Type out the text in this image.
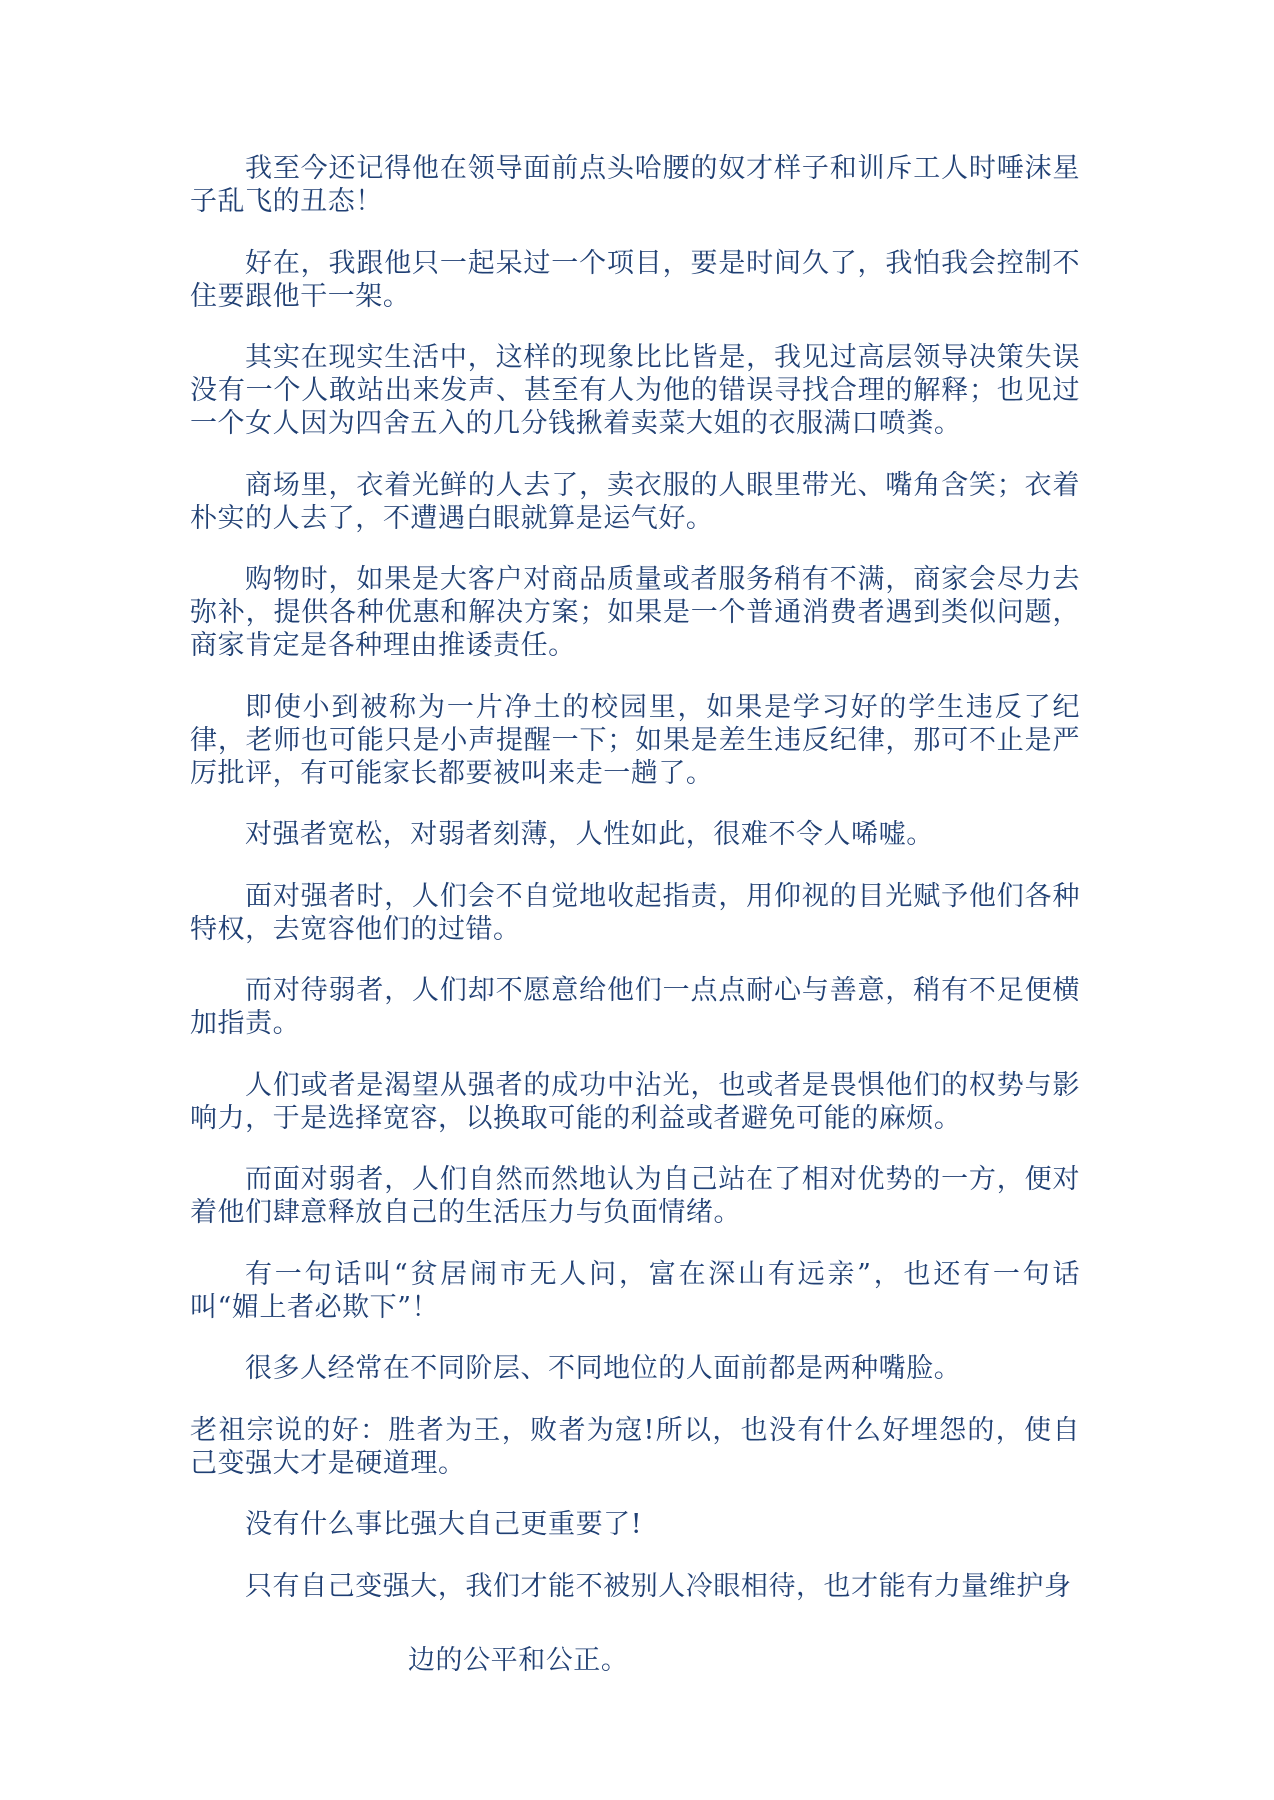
我至今还记得他在领导面前点头哈腰的奴才样子和训斥工人时唾沫星子乱飞的丑态！

好在，我跟他只一起呆过一个项目，要是时间久了，我怕我会控制不住要跟他干一架。

其实在现实生活中，这样的现象比比皆是，我见过高层领导决策失误没有一个人敢站出来发声、甚至有人为他的错误寻找合理的解释；也见过一个女人因为四舍五入的几分钱揪着卖菜大姐的衣服满口喷粪。

商场里，衣着光鲜的人去了，卖衣服的人眼里带光、嘴角含笑；衣着朴实的人去了，不遭遇白眼就算是运气好。

购物时，如果是大客户对商品质量或者服务稍有不满，商家会尽力去弥补，提供各种优惠和解决方案；如果是一个普通消费者遇到类似问题，商家肯定是各种理由推诿责任。

即使小到被称为一片净土的校园里，如果是学习好的学生违反了纪律，老师也可能只是小声提醒一下；如果是差生违反纪律，那可不止是严厉批评，有可能家长都要被叫来走一趟了。

对强者宽松，对弱者刻薄，人性如此，很难不令人唏嘘。

面对强者时，人们会不自觉地收起指责，用仰视的目光赋予他们各种特权，去宽容他们的过错。

而对待弱者，人们却不愿意给他们一点点耐心与善意，稍有不足便横加指责。

人们或者是渴望从强者的成功中沾光，也或者是畏惧他们的权势与影响力，于是选择宽容，以换取可能的利益或者避免可能的麻烦。

而面对弱者，人们自然而然地认为自己站在了相对优势的一方，便对着他们肆意释放自己的生活压力与负面情绪。

有一句话叫“贫居闹市无人问，富在深山有远亲”，也还有一句话叫“媚上者必欺下”！

很多人经常在不同阶层、不同地位的人面前都是两种嘴脸。

老祖宗说的好：胜者为王，败者为寇!所以，也没有什么好埋怨的，使自己变强大才是硬道理。

没有什么事比强大自己更重要了!

只有自己变强大，我们才能不被别人冷眼相待，也才能有力量维护身

边的公平和公正。
